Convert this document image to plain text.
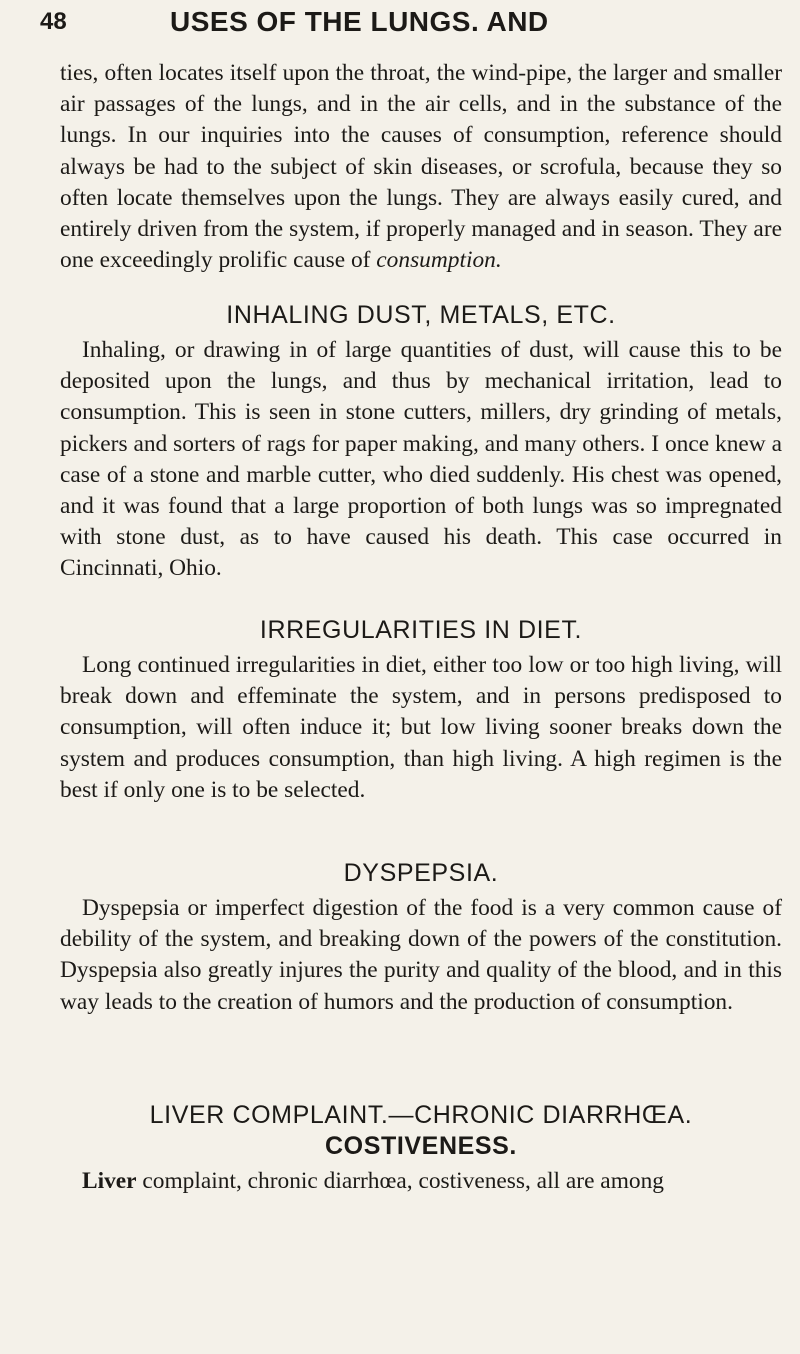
48	USES OF THE LUNGS. AND

ties, often locates itself upon the throat, the wind-pipe, the larger and smaller air passages of the lungs, and in the air cells, and in the substance of the lungs. In our inquiries into the causes of consumption, reference should always be had to the subject of skin diseases, or scrofula, because they so often locate themselves upon the lungs. They are always easily cured, and entirely driven from the system, if properly managed and in season. They are one exceedingly prolific cause of consumption.

INHALING DUST, METALS, ETC.

Inhaling, or drawing in of large quantities of dust, will cause this to be deposited upon the lungs, and thus by mechanical irritation, lead to consumption. This is seen in stone cutters, millers, dry grinding of metals, pickers and sorters of rags for paper making, and many others. I once knew a case of a stone and marble cutter, who died suddenly. His chest was opened, and it was found that a large proportion of both lungs was so impregnated with stone dust, as to have caused his death. This case occurred in Cincinnati, Ohio.

IRREGULARITIES IN DIET.

Long continued irregularities in diet, either too low or too high living, will break down and effeminate the system, and in persons predisposed to consumption, will often induce it; but low living sooner breaks down the system and produces consumption, than high living. A high regimen is the best if only one is to be selected.

DYSPEPSIA.

Dyspepsia or imperfect digestion of the food is a very common cause of debility of the system, and breaking down of the powers of the constitution. Dyspepsia also greatly injures the purity and quality of the blood, and in this way leads to the creation of humors and the production of consumption.

LIVER COMPLAINT.—CHRONIC DIARRHŒA.
COSTIVENESS.

Liver complaint, chronic diarrhœa, costiveness, all are among
